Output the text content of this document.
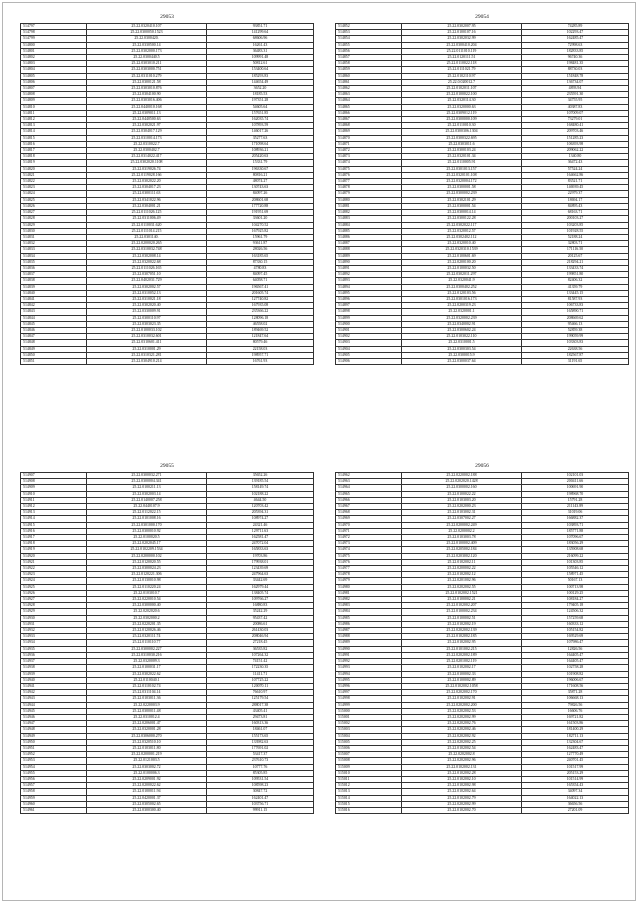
29053
514797	25.22.0320410.107	93851.71
514798	25.22.0300050.1523	141299.64
514799	25.22.0300420.	68606.96
514800	25.22.0330500.14	16261.43
514801	25.22.0302000.173	36483.31
514802	25.22.0300440.5	109991.48
514803	25.22.0303010.211	50812.61
514804	25.22.0303000.751	153400.64
514805	25.22.0311010.279	185293.83
514806	25.22.0300121.58	144654.49
514807	25.22.0303010.876	3652.20
514808	25.22.0304100.90	18185.53
514809	25.22.0303016.406	197351.28
514810	25.22.0440010.168	54605.64
514811	25.22.0309011.13	157651.85
514812	25.22.0440500.63	162035.74
514813	25.22.0302021.97	107893.59
514814	25.22.0304017.129	146017.26
514815	25.22.0310014.173	35277.63
514816	25.22.0310022.7	171098.64
514817	25.22.0300402.7	108936.21
514818	25.22.0314022.417	205420.63
514819	25.22.0302020.1108	15331.79
514820	25.22.0319026.74	196330.67
514821	25.22.0119028.166	80816.21
514822	25.22.0302022.20	48074.27
514823	25.22.0304017.23	130743.63
514824	25.22.0300111.63	84097.26
514825	25.22.0341022.96	208601.68
514826	25.22.0304001.21	177720.88
514827	25.22.0111026.125	191951.69
514828	25.22.0311006.49	33601.20
514829	25.22.0110031.620	104270.52
514830	25.22.0111014.215	167925.82
514831	25.22.0301140.	15961.79
514832	25.22.0200020.265	93611.87
514833	25.22.0310032.748	28026.56
514834	25.22.0302008.14	163185.65
514835	25.22.0320022.68	87330.15
514836	25.22.0111026.165	4780.83
514837	25.22.0307051.10	84097.45
514838	25.22.0402031.729	64058.71
514839	25.22.0302002.57	196567.41
514840	25.22.0310052.13	201605.74
514841	25.22.0310021.18	127740.82
514842	25.22.0302020.40	167935.08
514843	25.22.0330009.91	235366.22
514844	25.22.0300110.97	128096.18
514845	25.22.0303023.35	46558.02
514846	25.22.0100033.102	189469.52
514847	25.22.0310032.601	121847.64
514848	25.22.0310601.411	80579.46
514849	25.22.0310001.29	22158.03
514850	25.22.0310321.281	198957.71
514851	25.22.0304910.214	16761.93
29054
514852	25.22.0302007.95	74285.89
514853	25.22.0100107.16	102293.47
514854	25.22.0302032.99	162485.47
514855	25.22.0300410.204	72998.63
514856	25.22.0111010.119	182833.85
514857	25.22.0120111.51	96740.36
514858	25.22.0110022.118	198481.35
514859	25.22.0111021.79	88730.03
514860	25.22.0102110.97	151848.78
514861	25.22.0.020012.7	136734.07
514862	25.22.0102011.107	4893.94
514863	25.22.0100022.100	235591.30
514864	25.22.0320114.30	34755.95
514865	25.22.0320000.63	40387.83
514866	25.22.0309012.119	107009.07
514867	25.22.0300000.109	73279.01
514868	25.22.0110010.30	168480.41
514869	25.22.0300306.1304	209703.46
514870	25.22.0300322.695	151285.23
514871	25.22.0303011.6	106393.98
514872	25.22.0300103.24	209062.22
514873	25.22.0320101.34	1340.80
514874	25.22.0110005.91	36472.43
514875	25.22.0301013.157	57524.24
514876	25.22.0320101.108	164662.86
514877	25.22.0320004.172	83521.71
514878	25.22.0300001.58	146939.45
514879	25.22.0300002.239	22979.37
514880	25.22.0302101.29	18694.17
514881	25.22.0300001.54	84895.43
514882	25.22.0300014.14	68163.71
514883	25.22.0300122.28	200103.27
514884	25.22.0302022.117	103203.85
514885	25.22.0320012.57	101928.55
514886	25.22.0302402.112	52188.24
514887	25.22.0320010.40	32803.71
514888	25.22.0320310.1539	171116.50
514889	25.22.0100601.69	20125.67
514890	25.22.0200100.20	218294.21
514891	25.22.0100032.50	133433.74
514892	25.22.0302011.297	199851.80
514893	25.22.0320041.9	82406.32
514894	25.22.0300402.252	41359.79
514895	25.22.0120103.56	133445.15
514896	25.22.0301016.173	81587.93
514897	25.22.0200319.23	106733.83
514898	25.22.0320001.1	165890.71
514899	25.22.0320002.239	208669.62
514900	25.22.0340002.91	95466.13
514901	25.22.0300602.24	52859.38
514902	25.22.0103022.110	199059.99
514903	25.22.0310001.5	103303.83
514904	25.22.0300303.54	22638.56
514905	25.22.0300015.9	182567.87
514906	25.22.0300037.64	31191.65
29055
514907	25.22.0300032.271	35652.26
514908	25.22.0300004.341	139185.54
514909	25.22.0100211.13	158149.74
514910	25.22.0302003.14	102188.22
514911	25.22.0140007.258	4644.50
514912	25.22.0440107.9	120703.42
514913	25.22.0112022.15	205394.31
514914	25.22.0101008.16	108974.27
514915	25.22.0301000.170	24321.46
514916	25.22.0300010.92	129711.63
514917	25.22.0100020.5	162581.47
514918	25.22.0202045.17	247072.04
514919	25.22.0102209.1534	165833.63
514920	25.22.0200000.102	19703.86
514921	25.22.0120020.55	179938.01
514922	25.22.0300024.23	123439.69
514923	25.22.0120221.306	247964.63
514924	25.22.0130010.98	33442.69
514925	25.22.0110220.24	162979.44
514926	25.22.0103010.7	138405.74
514927	25.22.0220010.54	109766.27
514928	25.22.0300000.40	16880.83
514929	25.22.0202020.6	35242.29
514930	25.22.0302000.2	95437.42
514931	25.22.0220201.35	20086.61
514932	25.22.0120026.46	261430.03
514933	25.22.0320111.74	208046.94
514934	25.22.0110110.77	27218.45
514935	25.22.0300002.227	36535.82
514936	25.22.0310030.216	107264.32
514937	25.22.0320009.3	74151.42
514938	25.22.0100031.17	172230.35
514939	25.22.0302022.62	11411.71
514940	25.22.0110040.1	107725.22
514941	25.22.0110102.74	120070.11
514942	25.22.0311104.14	76610.97
514943	25.22.0103011.36	125179.54
514944	25.22.0220003.9	288017.38
514945	25.22.0300011.48	43405.41
514946	25.22.0310012.4	29473.81
514947	25.22.0206001.47	160313.36
514948	25.22.0320001.28	18461.07
514949	25.22.0306000.270	155173.65
514950	25.22.0320510.10	133982.63
514951	25.22.0103011.80	177691.02
514952	25.22.0200001.219	53417.37
514953	25.22.0121003.5	237610.73
514954	25.22.0303002.72	10777.76
514955	25.22.0100006.3	85305.85
514956	25.22.0209001.92	109531.54
514957	25.22.0200022.62	108598.23
514958	25.22.0100011.94	30847.72
514959	25.22.0420001.37	162401.47
514960	25.22.0305002.65	103756.71
514961	25.22.0300300.40	99911.15
29056
514962	25.22.0220002.188	102101.03
514963	25.22.0202020.1428	200411.66
514964	25.22.0300002.160	100691.90
514965	25.22.0100022.22	198968.70
514966	25.22.0103003.20	15791.28
514967	25.22.0202000.23	211143.89
514968	25.22.0103002.31	31019.06
514969	25.22.0307002.27	166882.37
514970	25.22.0200002.249	103893.71
514971	25.22.0200002.2	185771.88
514972	25.22.0103003.78	107096.67
514973	25.22.0100002.409	183056.29
514974	25.22.0205002.184	135908.68
514975	25.22.0203002.120	216099.22
514976	25.22.0102002.11	101303.85
514977	25.22.0200002.22	105546.12
514978	25.22.0102002.12	158971.45
514979	25.22.0201002.96	50167.13
514980	25.22.0202002.55	100713.98
514981	25.22.0102002.1521	100129.25
514982	25.22.0100002.21	108184.27
514983	25.22.0102002.207	179405.18
514984	25.22.0100002.234	124506.32
514985	25.22.0100002.51	157259.68
514986	25.22.0102002.19	160333.12
514987	25.22.0202002.139	105154.82
514988	25.22.0102002.185	169529.69
514989	25.22.0102002.95	107986.47
514990	25.22.0101002.215	12826.56
514991	25.22.0202002.189	164405.47
514992	25.22.0201002.119	164405.47
514993	25.22.0102002.17	102758.28
514994	25.22.0100002.33	101908.82
514995	25.22.0100002.89	196006.67
514996	25.22.0102002.1058	171608.56
514997	25.22.0202002.170	35871.28
514998	25.22.0102002.91	106668.13
514999	25.22.0202002.200	79826.56
515000	25.22.0202002.53	16606.76
515001	25.22.0202002.99	169721.82
515002	25.22.0202002.76	161503.86
515003	25.22.0202002.46	181400.29
515004	25.22.0202002.92	182711.13
515005	25.22.0202002.25	132304.67
515006	25.22.0102002.54	162483.47
515007	25.22.0202002.8	127770.49
515008	25.22.0202002.96	240701.45
515009	25.22.0102002.131	101517.99
515010	25.22.0102002.28	205153.29
515011	25.22.0102002.10	101514.99
515012	25.22.0102002.98	165354.43
515013	25.22.0102002.64	34097.34
515014	25.22.0102002.79	164022.13
515015	25.22.0202002.99	36656.56
515016	25.22.0102002.70	27201.09
